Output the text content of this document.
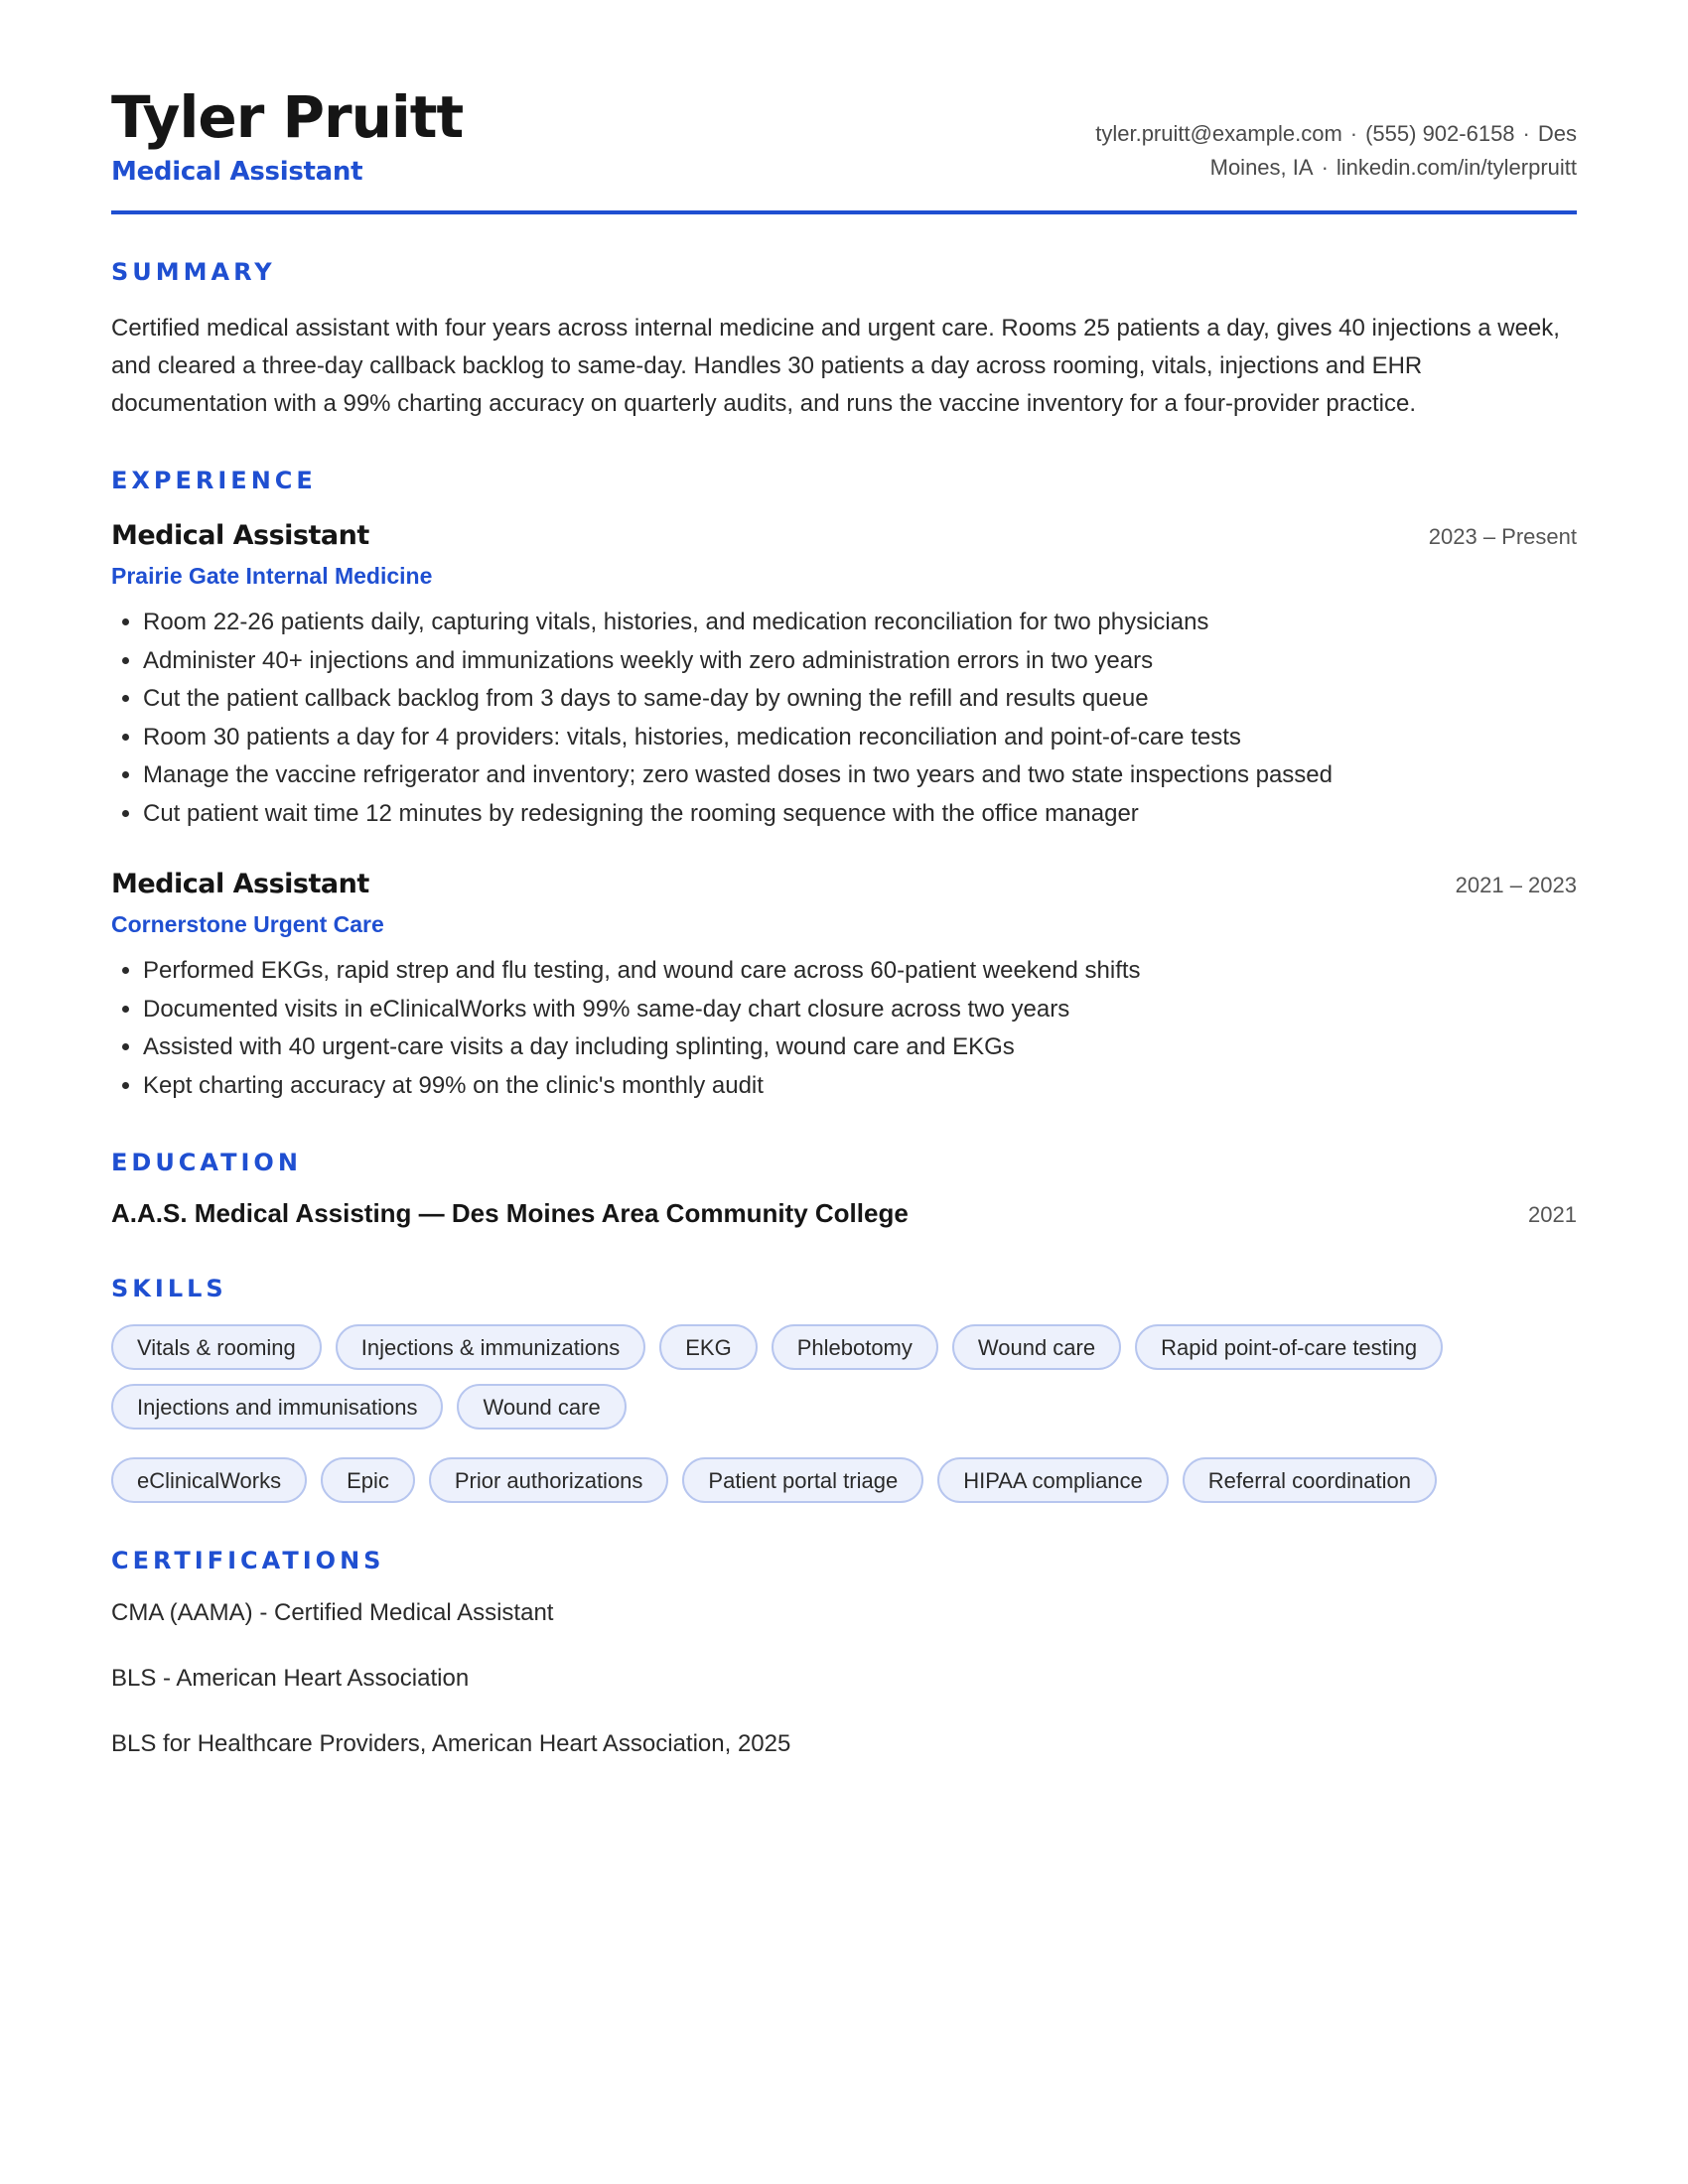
Tyler Pruitt
Medical Assistant
tyler.pruitt@example.com · (555) 902-6158 · Des Moines, IA · linkedin.com/in/tylerpruitt
SUMMARY
Certified medical assistant with four years across internal medicine and urgent care. Rooms 25 patients a day, gives 40 injections a week, and cleared a three-day callback backlog to same-day. Handles 30 patients a day across rooming, vitals, injections and EHR documentation with a 99% charting accuracy on quarterly audits, and runs the vaccine inventory for a four-provider practice.
EXPERIENCE
Medical Assistant	2023 – Present
Prairie Gate Internal Medicine
• Room 22-26 patients daily, capturing vitals, histories, and medication reconciliation for two physicians
• Administer 40+ injections and immunizations weekly with zero administration errors in two years
• Cut the patient callback backlog from 3 days to same-day by owning the refill and results queue
• Room 30 patients a day for 4 providers: vitals, histories, medication reconciliation and point-of-care tests
• Manage the vaccine refrigerator and inventory; zero wasted doses in two years and two state inspections passed
• Cut patient wait time 12 minutes by redesigning the rooming sequence with the office manager
Medical Assistant	2021 – 2023
Cornerstone Urgent Care
• Performed EKGs, rapid strep and flu testing, and wound care across 60-patient weekend shifts
• Documented visits in eClinicalWorks with 99% same-day chart closure across two years
• Assisted with 40 urgent-care visits a day including splinting, wound care and EKGs
• Kept charting accuracy at 99% on the clinic's monthly audit
EDUCATION
A.A.S. Medical Assisting — Des Moines Area Community College	2021
SKILLS
Vitals & rooming	Injections & immunizations	EKG	Phlebotomy	Wound care	Rapid point-of-care testing
Injections and immunisations	Wound care
eClinicalWorks	Epic	Prior authorizations	Patient portal triage	HIPAA compliance	Referral coordination
CERTIFICATIONS
CMA (AAMA) - Certified Medical Assistant
BLS - American Heart Association
BLS for Healthcare Providers, American Heart Association, 2025
